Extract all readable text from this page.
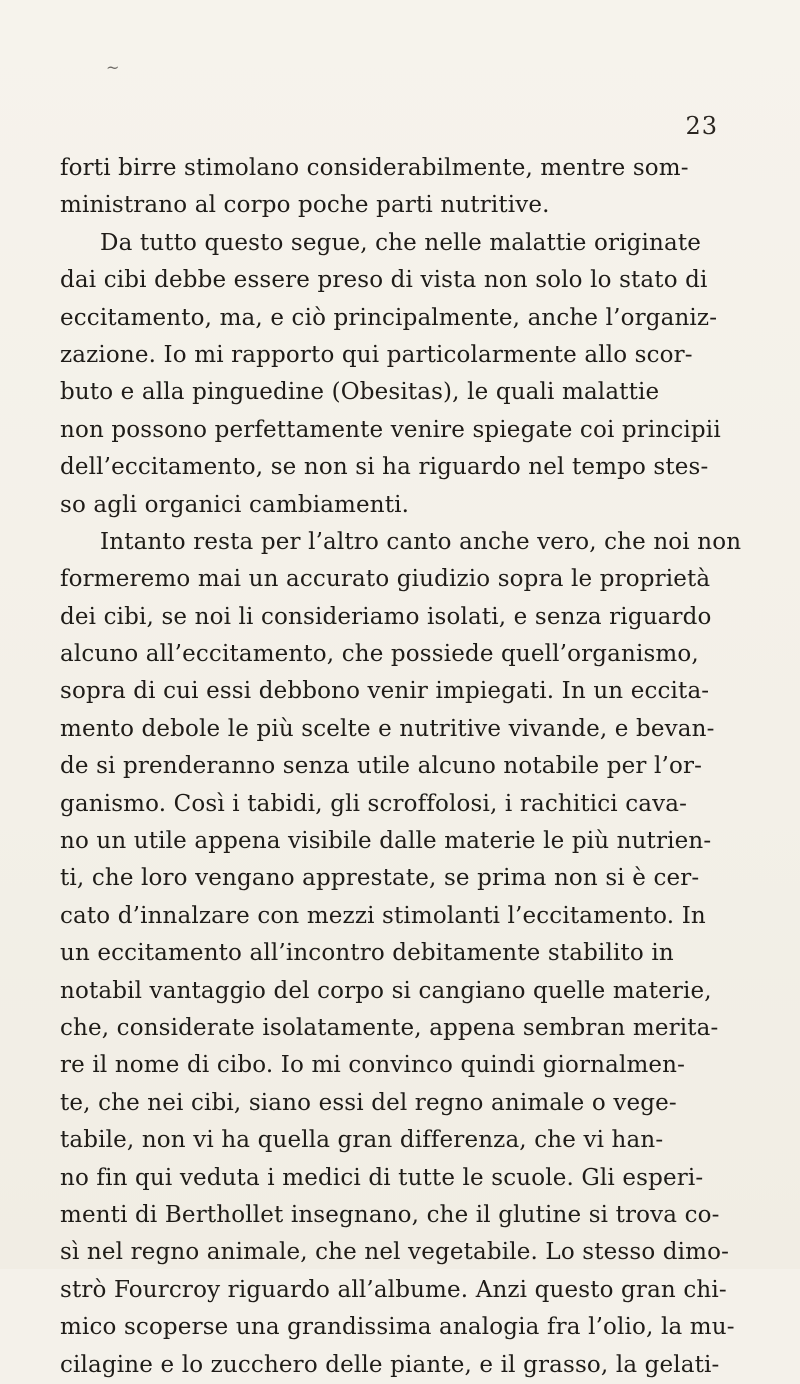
~
23
forti birre stimolano considerabilmente, mentre som-
ministrano al corpo poche parti nutritive.
Da tutto questo segue, che nelle malattie originate
dai cibi debbe essere preso di vista non solo lo stato di
eccitamento, ma, e ciò principalmente, anche l’organiz-
zazione. Io mi rapporto qui particolarmente allo scor-
buto e alla pinguedine (Obesitas), le quali malattie
non possono perfettamente venire spiegate coi principii
dell’eccitamento, se non si ha riguardo nel tempo stes-
so agli organici cambiamenti.
Intanto resta per l’altro canto anche vero, che noi non
formeremo mai un accurato giudizio sopra le proprietà
dei cibi, se noi li consideriamo isolati, e senza riguardo
alcuno all’eccitamento, che possiede quell’organismo,
sopra di cui essi debbono venir impiegati. In un eccita-
mento debole le più scelte e nutritive vivande, e bevan-
de si prenderanno senza utile alcuno notabile per l’or-
ganismo. Così i tabidi, gli scroffolosi, i rachitici cava-
no un utile appena visibile dalle materie le più nutrien-
ti, che loro vengano apprestate, se prima non si è cer-
cato d’innalzare con mezzi stimolanti l’eccitamento. In
un eccitamento all’incontro debitamente stabilito in
notabil vantaggio del corpo si cangiano quelle materie,
che, considerate isolatamente, appena sembran merita-
re il nome di cibo. Io mi convinco quindi giornalmen-
te, che nei cibi, siano essi del regno animale o vege-
tabile, non vi ha quella gran differenza, che vi han-
no fin qui veduta i medici di tutte le scuole. Gli esperi-
menti di Berthollet insegnano, che il glutine si trova co-
sì nel regno animale, che nel vegetabile. Lo stesso dimo-
strò Fourcroy riguardo all’albume. Anzi questo gran chi-
mico scoperse una grandissima analogia fra l’olio, la mu-
cilagine e lo zucchero delle piante, e il grasso, la gelati-
